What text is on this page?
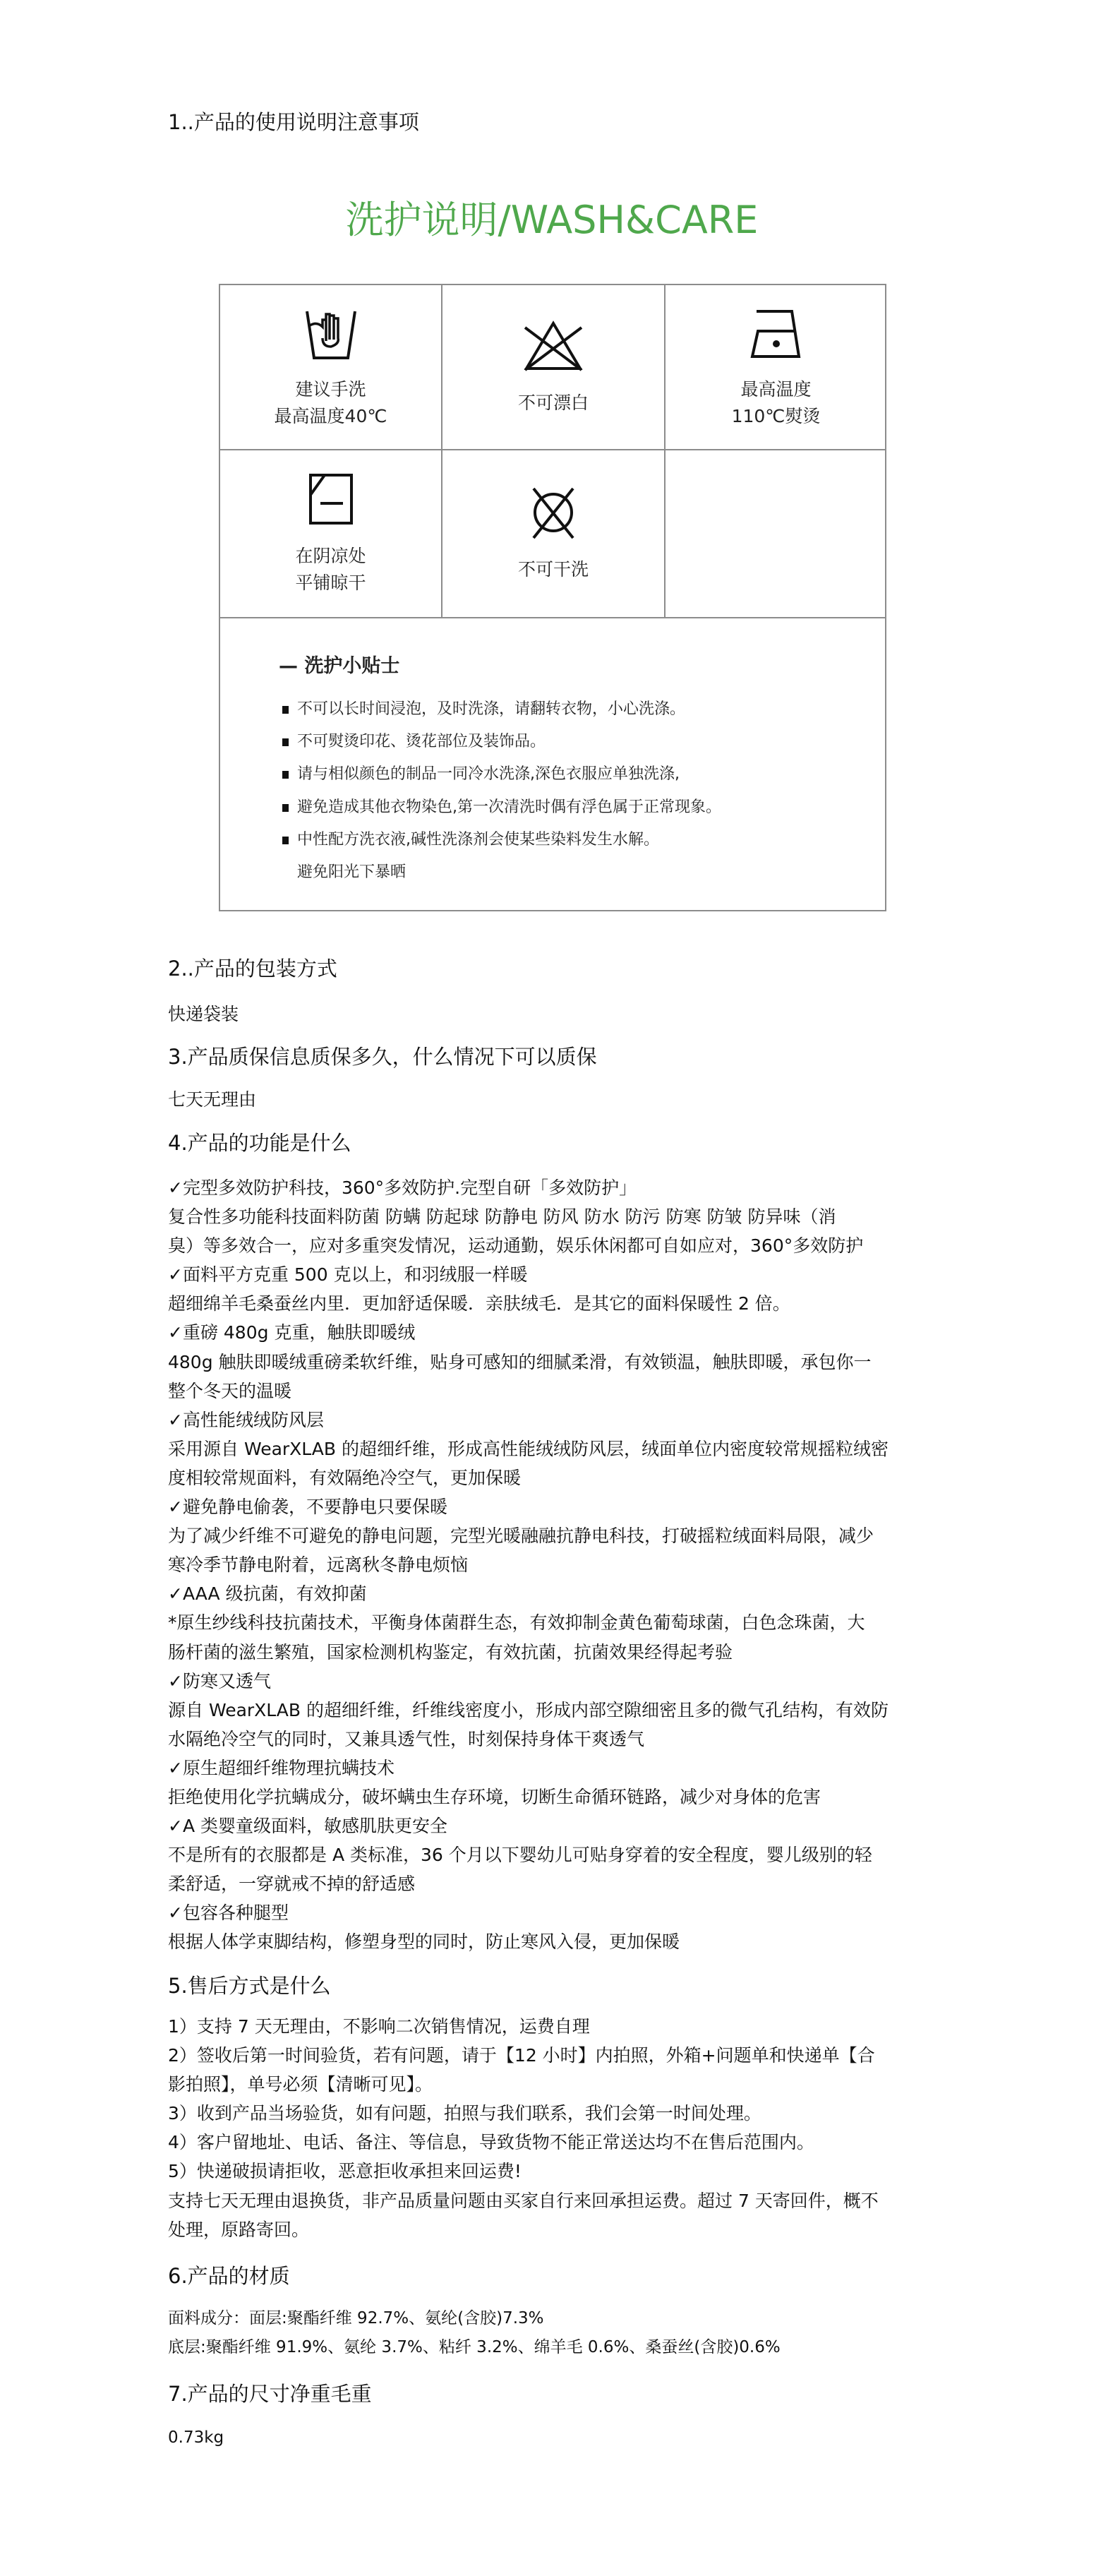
1..产品的使用说明注意事项
洗护说明/WASH&CARE
建议手洗
最高温度40℃
不可漂白
最高温度
110℃熨烫
在阴凉处
平铺晾干
不可干洗
— 洗护小贴士
不可以长时间浸泡，及时洗涤，请翻转衣物，小心洗涤。
不可熨烫印花、烫花部位及装饰品。
请与相似颜色的制品一同冷水洗涤,深色衣服应单独洗涤,
避免造成其他衣物染色,第一次清洗时偶有浮色属于正常现象。
中性配方洗衣液,碱性洗涤剂会使某些染料发生水解。
避免阳光下暴晒
2..产品的包装方式
快递袋装
3.产品质保信息质保多久，什么情况下可以质保
七天无理由
4.产品的功能是什么
✓完型多效防护科技，360°多效防护.完型自研「多效防护」
复合性多功能科技面料防菌 防螨 防起球 防静电 防风 防水 防污 防寒 防皱 防异味（消
臭）等多效合一，应对多重突发情况，运动通勤，娱乐休闲都可自如应对，360°多效防护
✓面料平方克重 500 克以上，和羽绒服一样暖
超细绵羊毛桑蚕丝内里．更加舒适保暖．亲肤绒毛．是其它的面料保暖性 2 倍。
✓重磅 480g 克重，触肤即暖绒
480g 触肤即暖绒重磅柔软纤维，贴身可感知的细腻柔滑，有效锁温，触肤即暖，承包你一
整个冬天的温暖
✓高性能绒绒防风层
采用源自 WearXLAB 的超细纤维，形成高性能绒绒防风层，绒面单位内密度较常规摇粒绒密
度相较常规面料，有效隔绝冷空气，更加保暖
✓避免静电偷袭，不要静电只要保暖
为了减少纤维不可避免的静电问题，完型光暖融融抗静电科技，打破摇粒绒面料局限，减少
寒冷季节静电附着，远离秋冬静电烦恼
✓AAA 级抗菌，有效抑菌
*原生纱线科技抗菌技术，平衡身体菌群生态，有效抑制金黄色葡萄球菌，白色念珠菌，大
肠杆菌的滋生繁殖，国家检测机构鉴定，有效抗菌，抗菌效果经得起考验
✓防寒又透气
源自 WearXLAB 的超细纤维，纤维线密度小，形成内部空隙细密且多的微气孔结构，有效防
水隔绝冷空气的同时，又兼具透气性，时刻保持身体干爽透气
✓原生超细纤维物理抗螨技术
拒绝使用化学抗螨成分，破坏螨虫生存环境，切断生命循环链路，减少对身体的危害
✓A 类婴童级面料，敏感肌肤更安全
不是所有的衣服都是 A 类标准，36 个月以下婴幼儿可贴身穿着的安全程度，婴儿级别的轻
柔舒适，一穿就戒不掉的舒适感
✓包容各种腿型
根据人体学束脚结构，修塑身型的同时，防止寒风入侵，更加保暖
5.售后方式是什么
1）支持 7 天无理由，不影响二次销售情况，运费自理
2）签收后第一时间验货，若有问题，请于【12 小时】内拍照，外箱+问题单和快递单【合
影拍照】，单号必须【清晰可见】。
3）收到产品当场验货，如有问题，拍照与我们联系，我们会第一时间处理。
4）客户留地址、电话、备注、等信息，导致货物不能正常送达均不在售后范围内。
5）快递破损请拒收，恶意拒收承担来回运费!
支持七天无理由退换货，非产品质量问题由买家自行来回承担运费。超过 7 天寄回件，概不
处理，原路寄回。
6.产品的材质
面料成分：面层:聚酯纤维 92.7%、氨纶(含胶)7.3%
底层:聚酯纤维 91.9%、氨纶 3.7%、粘纤 3.2%、绵羊毛 0.6%、桑蚕丝(含胶)0.6%
7.产品的尺寸净重毛重
0.73kg
